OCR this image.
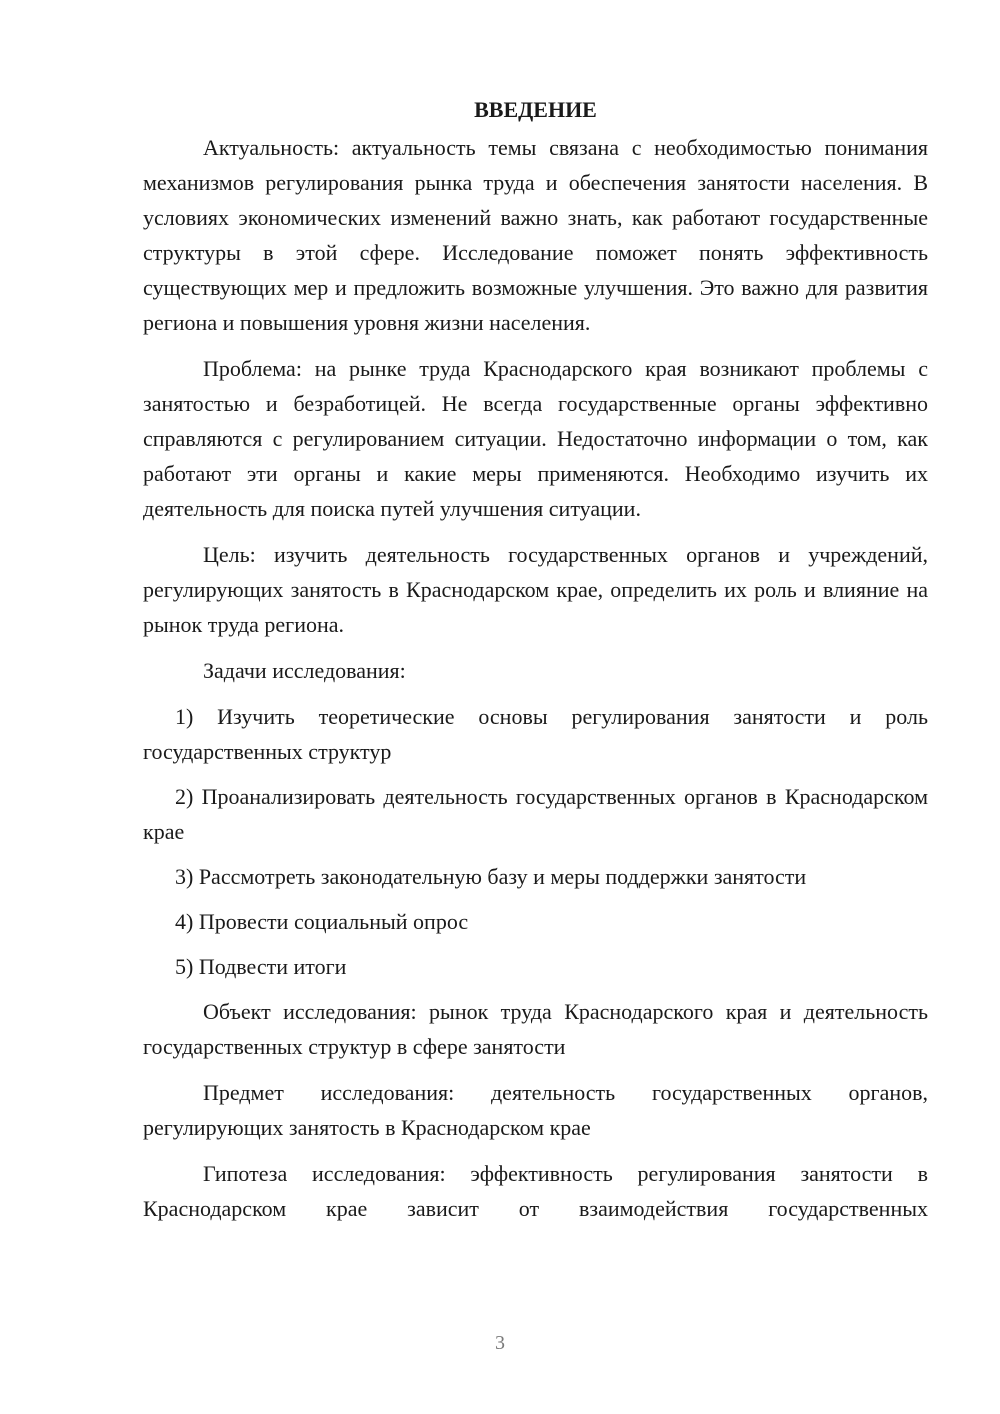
ВВЕДЕНИЕ

Актуальность: актуальность темы связана с необходимостью понимания механизмов регулирования рынка труда и обеспечения занятости населения. В условиях экономических изменений важно знать, как работают государственные структуры в этой сфере. Исследование поможет понять эффективность существующих мер и предложить возможные улучшения. Это важно для развития региона и повышения уровня жизни населения.

Проблема: на рынке труда Краснодарского края возникают проблемы с занятостью и безработицей. Не всегда государственные органы эффективно справляются с регулированием ситуации. Недостаточно информации о том, как работают эти органы и какие меры применяются. Необходимо изучить их деятельность для поиска путей улучшения ситуации.

Цель: изучить деятельность государственных органов и учреждений, регулирующих занятость в Краснодарском крае, определить их роль и влияние на рынок труда региона.

Задачи исследования:

1) Изучить теоретические основы регулирования занятости и роль государственных структур

2) Проанализировать деятельность государственных органов в Краснодарском крае

3) Рассмотреть законодательную базу и меры поддержки занятости

4) Провести социальный опрос

5) Подвести итоги

Объект исследования: рынок труда Краснодарского края и деятельность государственных структур в сфере занятости

Предмет исследования: деятельность государственных органов, регулирующих занятость в Краснодарском крае

Гипотеза исследования: эффективность регулирования занятости в Краснодарском крае зависит от взаимодействия государственных

3
